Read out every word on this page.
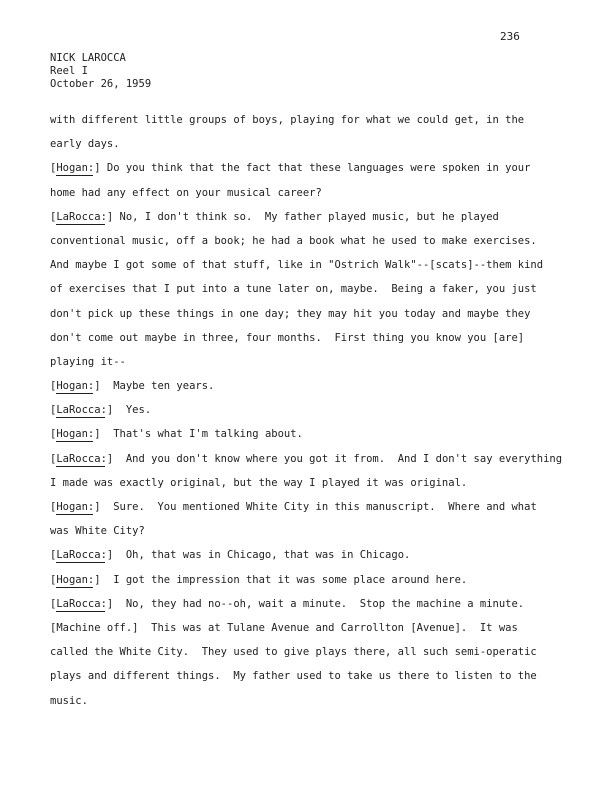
236
NICK LAROCCA
Reel I
October 26, 1959
with different little groups of boys, playing for what we could get, in the
early days.
[Hogan:] Do you think that the fact that these languages were spoken in your
home had any effect on your musical career?
[LaRocca:] No, I don't think so.  My father played music, but he played
conventional music, off a book; he had a book what he used to make exercises.
And maybe I got some of that stuff, like in "Ostrich Walk"--[scats]--them kind
of exercises that I put into a tune later on, maybe.  Being a faker, you just
don't pick up these things in one day; they may hit you today and maybe they
don't come out maybe in three, four months.  First thing you know you [are]
playing it--
[Hogan:]  Maybe ten years.
[LaRocca:]  Yes.
[Hogan:]  That's what I'm talking about.
[LaRocca:]  And you don't know where you got it from.  And I don't say everything
I made was exactly original, but the way I played it was original.
[Hogan:]  Sure.  You mentioned White City in this manuscript.  Where and what
was White City?
[LaRocca:]  Oh, that was in Chicago, that was in Chicago.
[Hogan:]  I got the impression that it was some place around here.
[LaRocca:]  No, they had no--oh, wait a minute.  Stop the machine a minute.
[Machine off.]  This was at Tulane Avenue and Carrollton [Avenue].  It was
called the White City.  They used to give plays there, all such semi-operatic
plays and different things.  My father used to take us there to listen to the
music.
